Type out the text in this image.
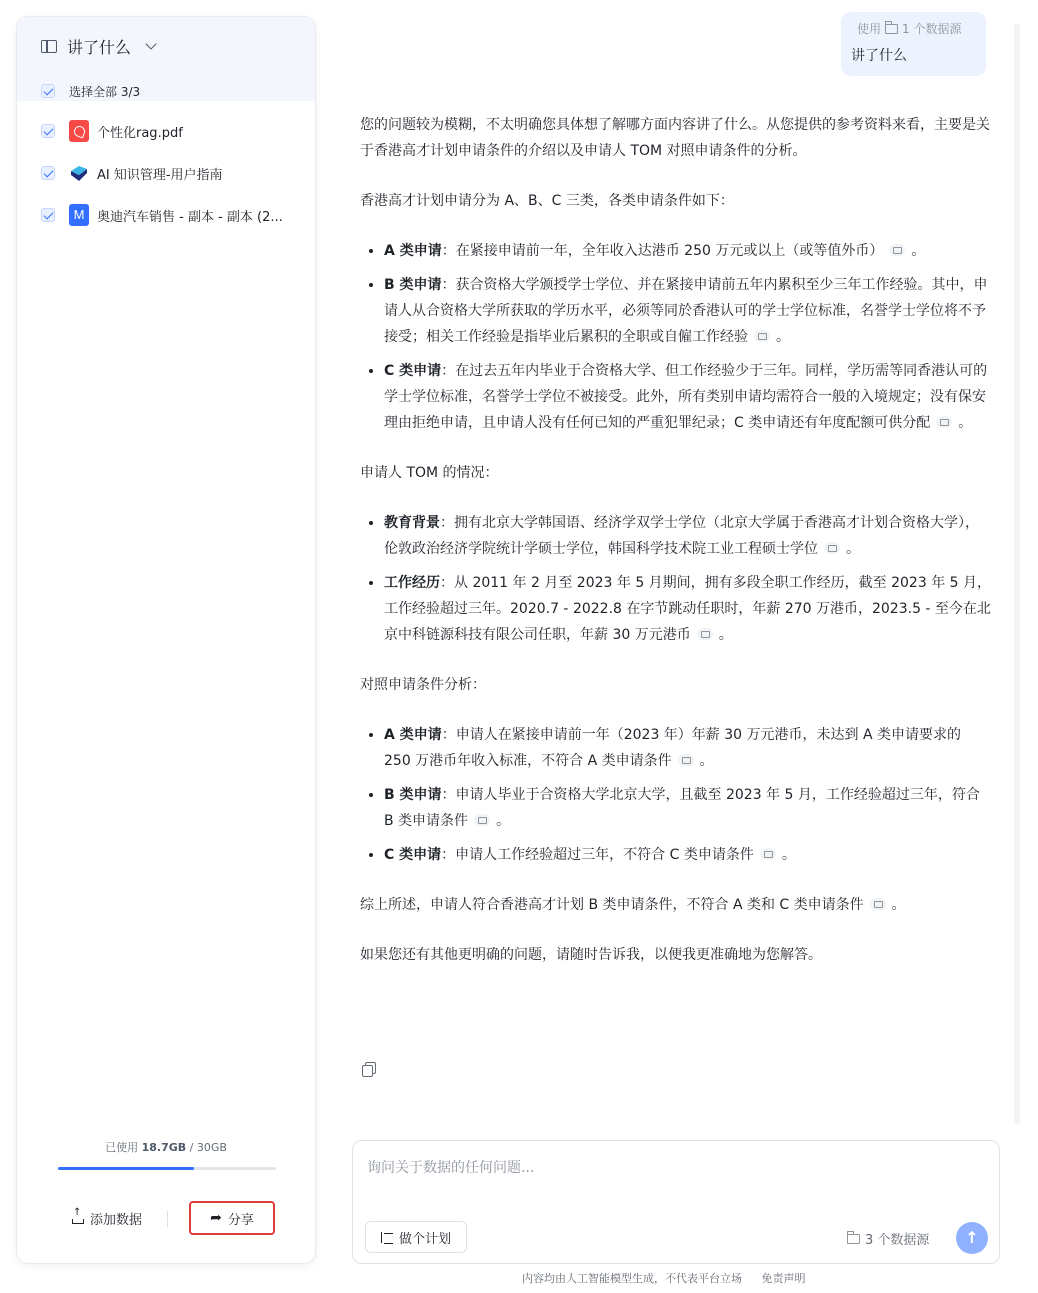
讲了什么
选择全部 3/3
个性化rag.pdf
AI 知识管理-用户指南
M 奥迪汽车销售 - 副本 - 副本 (2...
已使用 18.7GB / 30GB
↑
添加数据	➦ 分享
使用 1 个数据源
讲了什么

您的问题较为模糊，不太明确您具体想了解哪方面内容讲了什么。从您提供的参考资料来看，主要是关于香港高才计划申请条件的介绍以及申请人 TOM 对照申请条件的分析。

香港高才计划申请分为 A、B、C 三类，各类申请条件如下：

• A 类申请：在紧接申请前一年，全年收入达港币 250 万元或以上（或等值外币） 。
• B 类申请：获合资格大学颁授学士学位、并在紧接申请前五年内累积至少三年工作经验。其中，申请人从合资格大学所获取的学历水平，必须等同於香港认可的学士学位标准，名誉学士学位将不予接受；相关工作经验是指毕业后累积的全职或自僱工作经验 。
• C 类申请：在过去五年内毕业于合资格大学、但工作经验少于三年。同样，学历需等同香港认可的学士学位标准，名誉学士学位不被接受。此外，所有类别申请均需符合一般的入境规定；没有保安理由拒绝申请，且申请人没有任何已知的严重犯罪纪录；C 类申请还有年度配额可供分配 。

申请人 TOM 的情况：

• 教育背景：拥有北京大学韩国语、经济学双学士学位（北京大学属于香港高才计划合资格大学），伦敦政治经济学院统计学硕士学位，韩国科学技术院工业工程硕士学位 。
• 工作经历：从 2011 年 2 月至 2023 年 5 月期间，拥有多段全职工作经历，截至 2023 年 5 月，工作经验超过三年。2020.7 - 2022.8 在字节跳动任职时，年薪 270 万港币，2023.5 - 至今在北京中科链源科技有限公司任职，年薪 30 万元港币 。

对照申请条件分析：

• A 类申请：申请人在紧接申请前一年（2023 年）年薪 30 万元港币，未达到 A 类申请要求的 250 万港币年收入标准，不符合 A 类申请条件 。
• B 类申请：申请人毕业于合资格大学北京大学，且截至 2023 年 5 月，工作经验超过三年，符合 B 类申请条件 。
• C 类申请：申请人工作经验超过三年，不符合 C 类申请条件 。

综上所述，申请人符合香港高才计划 B 类申请条件，不符合 A 类和 C 类申请条件 。

如果您还有其他更明确的问题，请随时告诉我，以便我更准确地为您解答。

询问关于数据的任何问题...
做个计划	3 个数据源	↑
内容均由人工智能模型生成，不代表平台立场 免责声明
